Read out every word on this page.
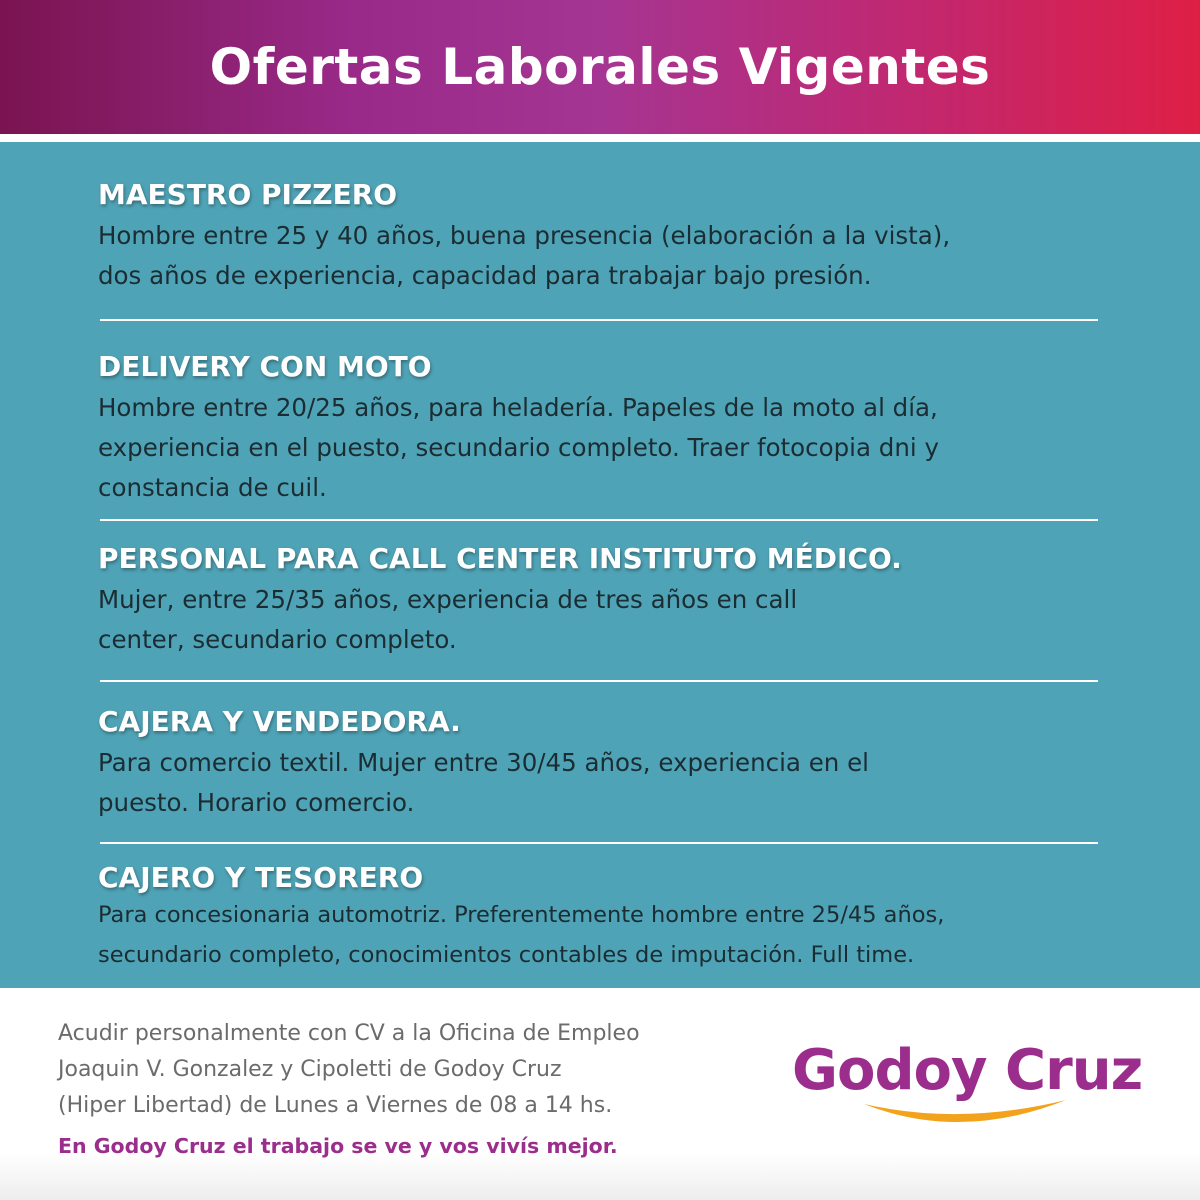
Ofertas Laborales Vigentes
MAESTRO PIZZERO

Hombre entre 25 y 40 años, buena presencia (elaboración a la vista),
dos años de experiencia, capacidad para trabajar bajo presión.

DELIVERY CON MOTO

Hombre entre 20/25 años, para heladería. Papeles de la moto al día,
experiencia en el puesto, secundario completo. Traer fotocopia dni y
constancia de cuil.

PERSONAL PARA CALL CENTER INSTITUTO MÉDICO.

Mujer, entre 25/35 años, experiencia de tres años en call
center, secundario completo.

CAJERA Y VENDEDORA.

Para comercio textil. Mujer entre 30/45 años, experiencia en el
puesto. Horario comercio.

CAJERO Y TESORERO

Para concesionaria automotriz. Preferentemente hombre entre 25/45 años,
secundario completo, conocimientos contables de imputación. Full time.

Acudir personalmente con CV a la Oficina de Empleo

Joaquin V. Gonzalez y Cipoletti de Godoy Cruz

(Hiper Libertad) de Lunes a Viernes de 08 a 14 hs.

En Godoy Cruz el trabajo se ve y vos vivís mejor.

Godoy Cruz
